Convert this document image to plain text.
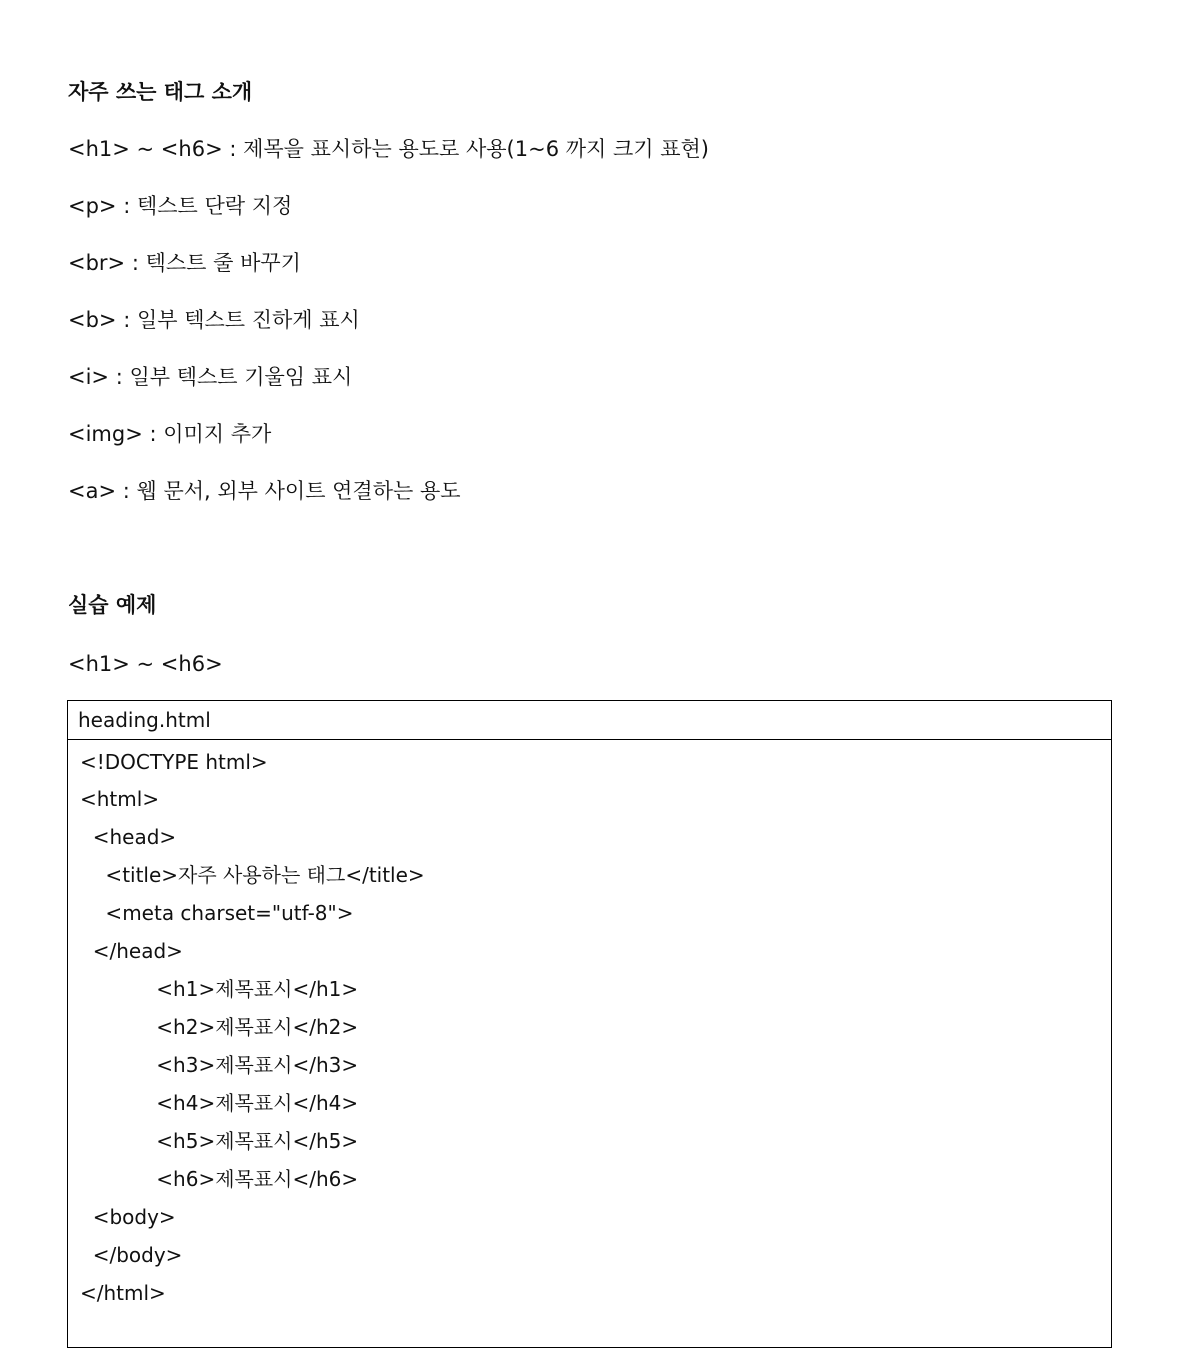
자주 쓰는 태그 소개
<h1> ~ <h6> : 제목을 표시하는 용도로 사용(1~6 까지 크기 표현)
<p> : 텍스트 단락 지정
<br> : 텍스트 줄 바꾸기
<b> : 일부 텍스트 진하게 표시
<i> : 일부 텍스트 기울임 표시
<img> : 이미지 추가
<a> : 웹 문서, 외부 사이트 연결하는 용도
실습 예제
<h1> ~ <h6>
heading.html
<!DOCTYPE html>
<html>
<head>
<title>자주 사용하는 태그</title>
<meta charset="utf-8">
</head>
<h1>제목표시</h1>
<h2>제목표시</h2>
<h3>제목표시</h3>
<h4>제목표시</h4>
<h5>제목표시</h5>
<h6>제목표시</h6>
<body>
</body>
</html>
